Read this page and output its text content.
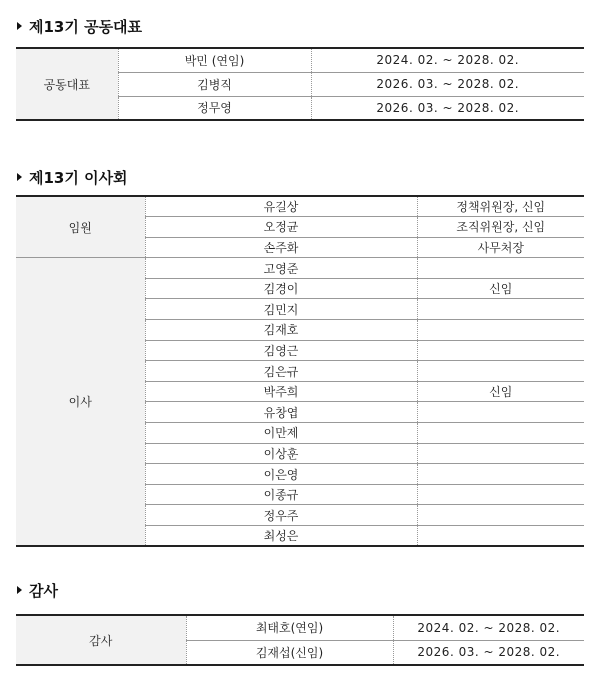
제13기 공동대표
공동대표	박민 (연임)	2024. 02. ~ 2028. 02.
	김병직	2026. 03. ~ 2028. 02.
	정무영	2026. 03. ~ 2028. 02.
제13기 이사회
임원	유길상	정책위원장, 신임
	오정균	조직위원장, 신임
	손주화	사무처장
이사	고영준	
	김경이	신임
	김민지	
	김재호	
	김영근	
	김은규	
	박주희	신임
	유창엽	
	이만제	
	이상훈	
	이은영	
	이종규	
	정우주	
	최성은	
감사
감사	최태호(연임)	2024. 02. ~ 2028. 02.
	김재섭(신임)	2026. 03. ~ 2028. 02.
